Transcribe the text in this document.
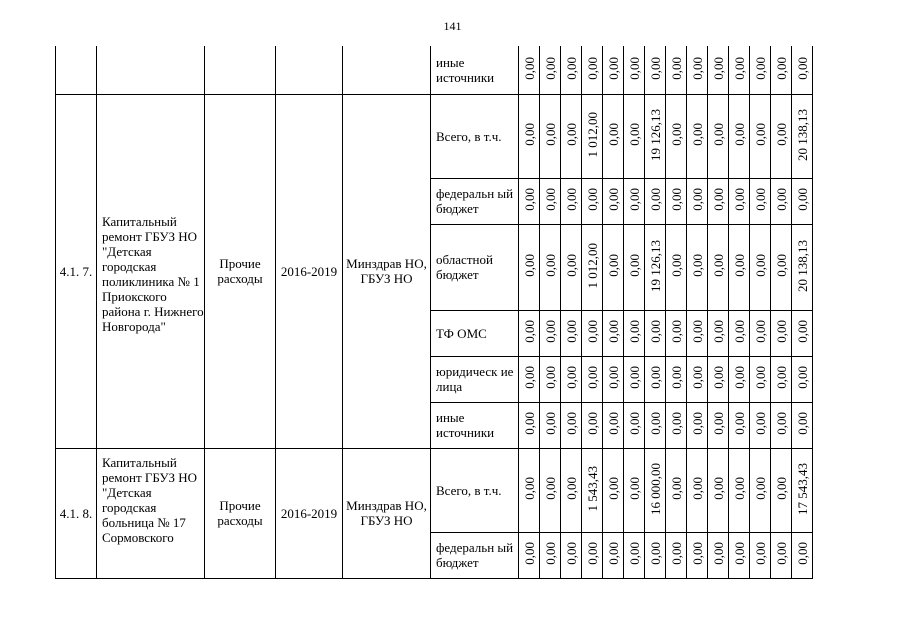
141
					иные источники	0,00	0,00	0,00	0,00	0,00	0,00	0,00	0,00	0,00	0,00	0,00	0,00	0,00	0,00
4.1. 7.	Капитальный ремонт ГБУЗ НО "Детская городская поликлиника № 1 Приокского района г. Нижнего Новгорода"	Прочие расходы	2016-2019	Минздрав НО, ГБУЗ НО	Всего, в т.ч.	0,00	0,00	0,00	1 012,00	0,00	0,00	19 126,13	0,00	0,00	0,00	0,00	0,00	0,00	20 138,13
					федеральн ый бюджет	0,00	0,00	0,00	0,00	0,00	0,00	0,00	0,00	0,00	0,00	0,00	0,00	0,00	0,00
					областной бюджет	0,00	0,00	0,00	1 012,00	0,00	0,00	19 126,13	0,00	0,00	0,00	0,00	0,00	0,00	20 138,13
					ТФ ОМС	0,00	0,00	0,00	0,00	0,00	0,00	0,00	0,00	0,00	0,00	0,00	0,00	0,00	0,00
					юридическ ие лица	0,00	0,00	0,00	0,00	0,00	0,00	0,00	0,00	0,00	0,00	0,00	0,00	0,00	0,00
					иные источники	0,00	0,00	0,00	0,00	0,00	0,00	0,00	0,00	0,00	0,00	0,00	0,00	0,00	0,00
4.1. 8.	Капитальный ремонт ГБУЗ НО "Детская городская больница № 17 Сормовского	Прочие расходы	2016-2019	Минздрав НО, ГБУЗ НО	Всего, в т.ч.	0,00	0,00	0,00	1 543,43	0,00	0,00	16 000,00	0,00	0,00	0,00	0,00	0,00	0,00	17 543,43
					федеральн ый бюджет	0,00	0,00	0,00	0,00	0,00	0,00	0,00	0,00	0,00	0,00	0,00	0,00	0,00	0,00
